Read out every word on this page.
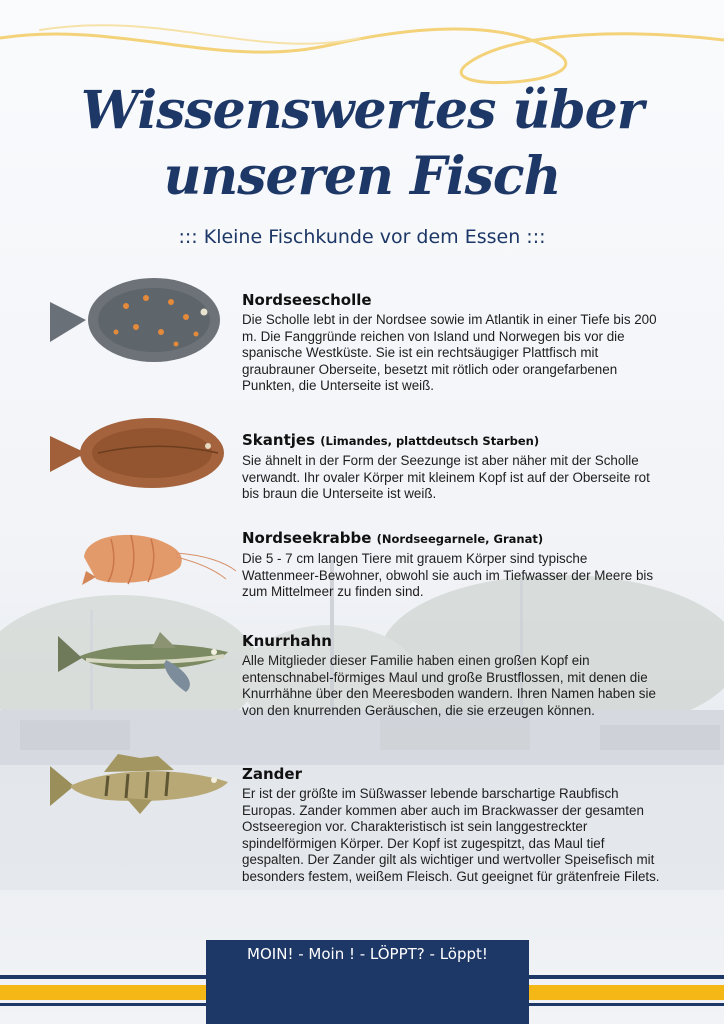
Wissenswertes über
unseren Fisch
::: Kleine Fischkunde vor dem Essen :::
Nordseescholle

Die Scholle lebt in der Nordsee sowie im Atlantik in einer Tiefe bis 200 m. Die Fanggründe reichen von Island und Norwegen bis vor die spanische Westküste. Sie ist ein rechtsäugiger Plattfisch mit graubrauner Oberseite, besetzt mit rötlich oder orangefarbenen Punkten, die Unterseite ist weiß.

Skantjes (Limandes, plattdeutsch Starben)

Sie ähnelt in der Form der Seezunge ist aber näher mit der Scholle verwandt. Ihr ovaler Körper mit kleinem Kopf ist auf der Oberseite rot bis braun die Unterseite ist weiß.

Nordseekrabbe (Nordseegarnele, Granat)

Die 5 - 7 cm langen Tiere mit grauem Körper sind typische Wattenmeer-Bewohner, obwohl sie auch im Tiefwasser der Meere bis zum Mittelmeer zu finden sind.

Knurrhahn

Alle Mitglieder dieser Familie haben einen großen Kopf ein entenschnabel-förmiges Maul und große Brustflossen, mit denen die Knurrhähne über den Meeresboden wandern. Ihren Namen haben sie von den knurrenden Geräuschen, die sie erzeugen können.

Zander

Er ist der größte im Süßwasser lebende barschartige Raubfisch Europas. Zander kommen aber auch im Brackwasser der gesamten Ostseeregion vor. Charakteristisch ist sein langgestreckter spindelförmigen Körper. Der Kopf ist zugespitzt, das Maul tief gespalten. Der Zander gilt als wichtiger und wertvoller Speisefisch mit besonders festem, weißem Fleisch. Gut geeignet für grätenfreie Filets.

MOIN! - Moin ! - LÖPPT? - Löppt!
